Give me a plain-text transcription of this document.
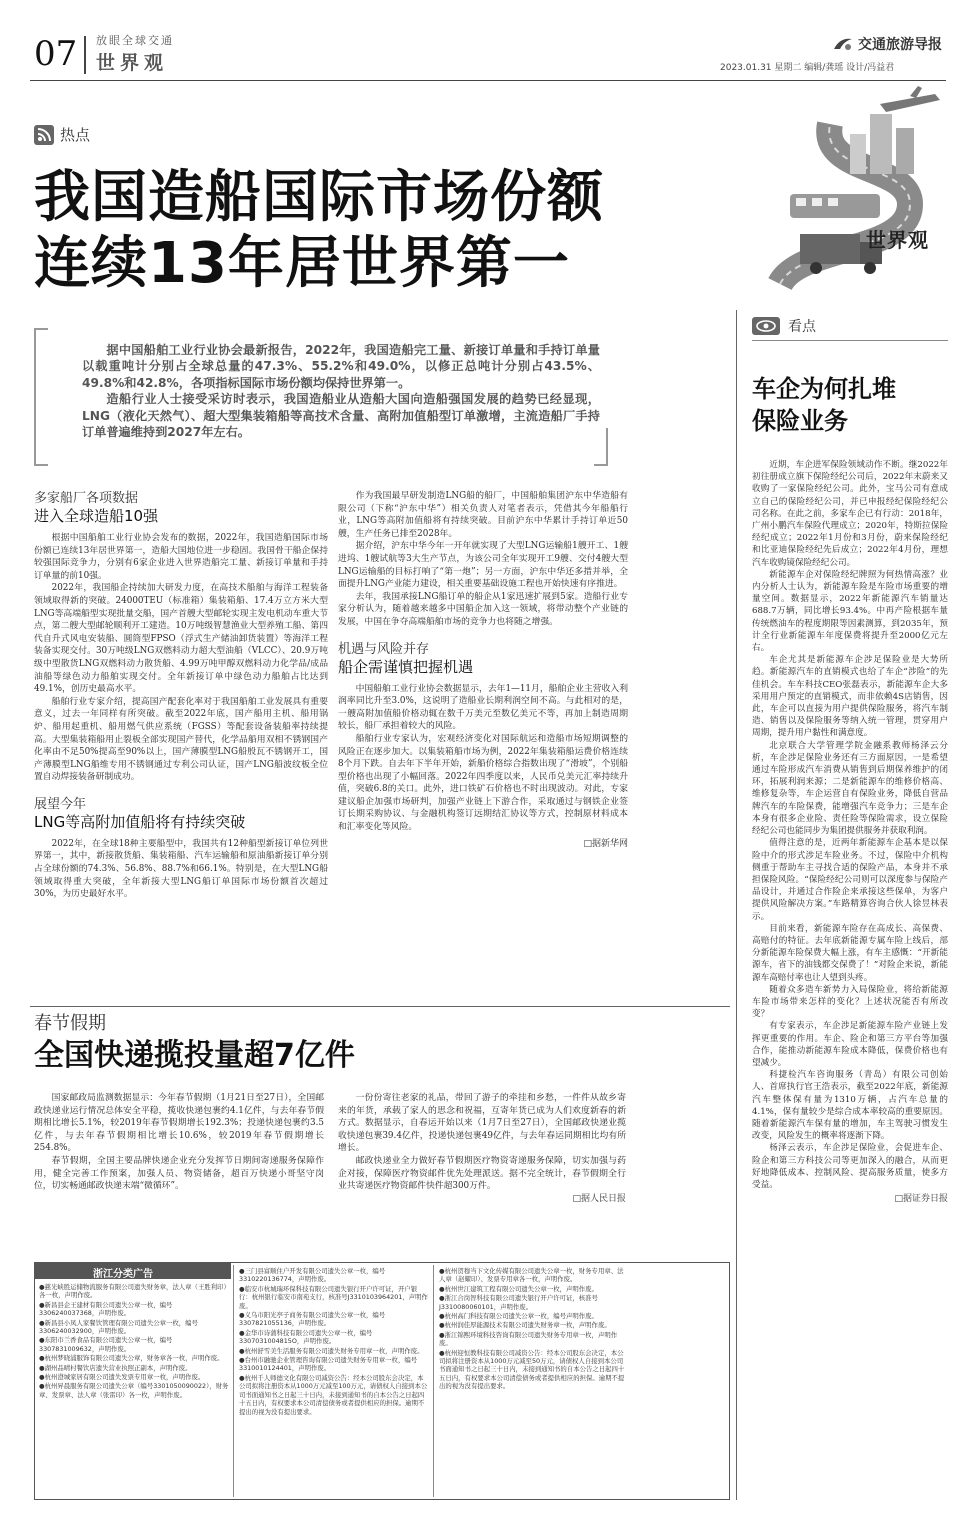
07 放眼全球交通
世界观
交通旅游导报
2023.01.31 星期二 编辑/龚瑶 设计/冯益君
世界观
热点
我国造船国际市场份额
连续13年居世界第一

据中国船舶工业行业协会最新报告，2022年，我国造船完工量、新接订单量和手持订单量以载重吨计分别占全球总量的47.3%、55.2%和49.0%，以修正总吨计分别占43.5%、49.8%和42.8%，各项指标国际市场份额均保持世界第一。

造船行业人士接受采访时表示，我国造船业从造船大国向造船强国发展的趋势已经显现，LNG（液化天然气）、超大型集装箱船等高技术含量、高附加值船型订单激增，主流造船厂手持订单普遍维持到2027年左右。

多家船厂各项数据
进入全球造船10强

根据中国船舶工业行业协会发布的数据，2022年，我国造船国际市场份额已连续13年居世界第一，造船大国地位进一步稳固。我国骨干船企保持较强国际竞争力，分别有6家企业进入世界造船完工量、新接订单量和手持订单量的前10强。

2022年，我国船企持续加大研发力度，在高技术船舶与海洋工程装备领域取得新的突破。24000TEU（标准箱）集装箱船、17.4万立方米大型LNG等高端船型实现批量交船，国产首艘大型邮轮实现主发电机动车重大节点，第二艘大型邮轮顺利开工建造。10万吨级智慧渔业大型养殖工船、第四代自升式风电安装船、圆筒型FPSO（浮式生产储油卸货装置）等海洋工程装备实现交付。30万吨级LNG双燃料动力超大型油船（VLCC）、20.9万吨级中型散货LNG双燃料动力散货船、4.99万吨甲醇双燃料动力化学品/成品油船等绿色动力船舶实现交付。全年新接订单中绿色动力船舶占比达到49.1%，创历史最高水平。

船舶行业专家介绍，提高国产配套化率对于我国船舶工业发展具有重要意义，过去一年同样有所突破。截至2022年底，国产船用主机、船用锅炉、船用起重机、船用燃气供应系统（FGSS）等配套设备装船率持续提高。大型集装箱船用止裂板全部实现国产替代，化学品船用双相不锈钢国产化率由不足50%提高至90%以上，国产薄膜型LNG船殷瓦不锈钢开工，国产薄膜型LNG船维专用不锈钢通过专利公司认证，国产LNG船波纹板全位置自动焊接装备研制成功。

展望今年
LNG等高附加值船将有持续突破

2022年，在全球18种主要船型中，我国共有12种船型新接订单位列世界第一，其中，新接散货船、集装箱船、汽车运输船和原油船新接订单分别占全球份额的74.3%、56.8%、88.7%和66.1%。特别是，在大型LNG船领域取得重大突破，全年新接大型LNG船订单国际市场份额首次超过30%，为历史最好水平。

作为我国最早研发制造LNG船的船厂，中国船舶集团沪东中华造船有限公司（下称“沪东中华”）相关负责人对笔者表示，凭借其今年船船行业，LNG等高附加值船将有持续突破。目前沪东中华累计手持订单近50艘，生产任务已排至2028年。

据介绍，沪东中华今年一开年就实现了大型LNG运输船1艘开工、1艘进坞、1艘试航等3大生产节点，为该公司全年实现开工9艘、交付4艘大型LNG运输船的目标打响了“第一炮”；另一方面，沪东中华还多措并举，全面提升LNG产业能力建设，相关重要基础设施工程也开始快速有序推进。

去年，我国承接LNG船订单的船企从1家迅速扩展到5家。造船行业专家分析认为，随着越来越多中国船企加入这一领域，将带动整个产业链的发展，中国在争夺高端船舶市场的竞争力也将随之增强。

机遇与风险并存
船企需谨慎把握机遇

中国船舶工业行业协会数据显示，去年1—11月，船舶企业主营收入利润率同比升至3.0%，这说明了造船业长期利润空间不高。与此相对的是，一艘高附加值船价格动辄在数千万美元至数亿美元不等，再加上制造周期较长，船厂承担着较大的风险。

船舶行业专家认为，宏观经济变化对国际航运和造船市场短期调整的风险正在逐步加大。以集装箱船市场为例，2022年集装箱船运费价格连续8个月下跌。自去年下半年开始，新船价格综合指数出现了“滑坡”，个别船型价格也出现了小幅回落。2022年四季度以来，人民币兑美元汇率持续升值，突破6.8的关口。此外，进口铁矿石价格也不时出现波动。对此，专家建议船企加强市场研判，加强产业链上下游合作，采取通过与钢铁企业签订长期采购协议、与金融机构签订远期结汇协议等方式，控制原材料成本和汇率变化等风险。

□据新华网
看点
车企为何扎堆
保险业务

近期，车企进军保险领域动作不断。继2022年初往册成立旗下保险经纪公司后，2022年末蔚来又收购了一家保险经纪公司。此外，宝马公司有意成立自己的保险经纪公司，并已申报经纪保险经纪公司名称。在此之前，多家车企已有行动：2018年，广州小鹏汽车保险代理成立；2020年，特斯拉保险经纪成立；2022年1月份和3月份，蔚来保险经纪和比亚迪保险经纪先后成立；2022年4月份，理想汽车收购镜保险经纪公司。

新能源车企对保险经纪牌照为何热情高涨？业内分析人士认为，新能源车险是车险市场重要的增量空间。数据显示，2022年新能源汽车销量达688.7万辆，同比增长93.4%。中再产险根据车量传统燃油车的程度期限等因素测算，到2035年，预计全行业新能源车年度保费将提升至2000亿元左右。

车企尤其是新能源车企涉足保险业是大势所趋。新能源汽车的直销模式也给了车企“涉险”的先佳机会。车车科技CEO张磊表示，新能源车企大多采用用户预定的直销模式，而非依赖4S店销售，因此，车企可以直接为用户提供保险服务，将汽车制造、销售以及保险服务等纳入统一管理，贯穿用户周期，提升用户黏性和满意度。

北京联合大学管理学院金融系教师杨泽云分析，车企涉足保险业务还有三方面原因，一是希望通过车险形成汽车消费从销售到后期保养维护的闭环，拓展利润来源；二是新能源车的维修价格高、维修复杂等，车企运营自有保险业务，降低自营品牌汽车的车险保费，能增强汽车竞争力；三是车企本身有很多企业险、责任险等保险需求，设立保险经纪公司也能同步为集团提供服务并获取利润。

值得注意的是，近两年新能源车企基本是以保险中介的形式涉足车险业务。不过，保险中介机构侧重于帮助车主寻找合适的保险产品，本身并不承担保险风险。“保险经纪公司则可以深度参与保险产品设计，并通过合作险企来承接这些保单，为客户提供风险解决方案。”车路精算咨询合伙人徐昱林表示。

目前来看，新能源车险存在高成长、高保费、高赔付的特征。去年底新能源专属车险上线后，部分新能源车险保费大幅上涨，有车主感慨：“开新能源车，省下的油钱都交保费了！”对险企来说，新能源车高赔付率也让人望到头疼。

随着众多造车新势力入局保险业，将给新能源车险市场带来怎样的变化？上述状况能否有所改变？

有专家表示，车企涉足新能源车险产业链上发挥更重要的作用。车企、险企和第三方平台等加强合作，能推动新能源车险成本降低，保费价格也有望减少。

科捷检汽车咨询服务（青岛）有限公司创始人、首席执行官王浩表示，截至2022年底，新能源汽车整体保有量为1310万辆，占汽车总量的4.1%，保有量较少是综合成本率较高的重要原因。随着新能源汽车保有量的增加，车主驾驶习惯发生改变，风险发生的概率将逐渐下降。

杨泽云表示，车企涉足保险业，会促进车企、险企和第三方科技公司等更加深入的融合，从而更好地降低成本、控制风险、提高服务质量，使多方受益。

□据证券日报
春节假期
全国快递揽投量超7亿件

国家邮政局监测数据显示：今年春节假期（1月21日至27日），全国邮政快递业运行情况总体安全平稳，揽收快递包裹约4.1亿件，与去年春节假期相比增长5.1%，较2019年春节假期增长192.3%；投递快递包裹约3.5亿件，与去年春节假期相比增长10.6%，较2019年春节假期增长254.8%。

春节假期，全国主要品牌快递企业充分发挥节日期间寄递服务保障作用，健全完善工作预案，加强人员、物资储备，超百万快递小哥坚守岗位，切实畅通邮政快递末端“微循环”。

一份份寄往老家的礼品，带回了游子的牵挂和乡愁，一件件从故乡寄来的年货，承载了家人的思念和祝福，互寄年货已成为人们欢度新春的新方式。数据显示，自春运开始以来（1月7日至27日），全国邮政快递业揽收快递包裹39.4亿件，投递快递包裹49亿件，与去年春运同期相比均有所增长。

邮政快递业全力做好春节假期医疗物资寄递服务保障，切实加强与药企对接，保障医疗物资邮件优先处理派送。据不完全统计，春节假期全行业共寄递医疗物资邮件快件超300万件。

□据人民日报
浙江分类广告
●慈光峡胜运储物流服务有限公司遗失财务章，法人章（王胜利印）各一枚，声明作废。
●新昌县企王建材有限公司遗失公章一枚，编号3306240037368，声明作废。
●新昌县小凤人家餐饮管理有限公司遗失公章一枚，编号3306240032900，声明作废。
●东阳市兰香食品有限公司遗失公章一枚，编号3307831009632，声明作废。
●杭州梦晓浦服饰有限公司遗失公章，财务章各一枚，声明作废。
●湖州品晴村餐饮店遗失营业执照正副本，声明作废。
●杭州澄城家居有限公司遗失发票专用章一枚，声明作废。
●杭州昇晨服务有限公司遗失公章（编号3301050090022），财务章、发票章、法人章（张雷印）各一枚，声明作废。
●三门县富顺住户开发有限公司遗失公章一枚，编号3310220136774，声明作废。
●临安市杭城瑞环保科技有限公司遗失银行开户许可证，开户银行：杭州银行临安市南苑支行，核准号J3310103964201，声明作废。
●义乌市阳光亭子商务有限公司遗失公章一枚，编号3307821055136，声明作废。
●金华市诗蒲科技有限公司遗失公章一枚，编号3307031004815O，声明作废。
●杭州舒雪美生活服务有限公司遗失财务专用章一枚，声明作废。
●台州市融驰企业管理咨询有限公司遗失财务专用章一枚，编号3310010124401，声明作废。
●杭州千人师德文化有限公司减资公告：经本公司股东会决定，本公司拟将注册资本从1000万元减至100万元，请债权人自接到本公司书面通知书之日起三十日内，未接到通知书的自本公告之日起四十五日内，有权要求本公司清偿债务或者提供相应的担保。逾期不提出的视为没有提出要求。
●杭州贺穆当下文化传媒有限公司遗失公章一枚，财务专用章、法人章（赵耀印）、发票专用章各一枚，声明作废。
●杭州世江建筑工程有限公司遗失公章一枚，声明作废。
●浙江合岗智科技有限公司遗失银行开户许可证，核准号J3310080060101，声明作废。
●杭州高门科技有限公司遗失公章一枚，编号声明作废。
●杭州润佳厚能源技术有限公司遗失财务章一枚，声明作废。
●浙江锦熙环境科技咨询有限公司遗失财务专用章一枚，声明作废。
●杭州迎恒教科技有限公司减资公告：经本公司股东会决定，本公司拟将注册资本从1000万元减至50万元，请债权人自接到本公司书面通知书之日起三十日内，未接到通知书的自本公告之日起四十五日内，有权要求本公司清偿债务或者提供相应的担保。逾期不提出的视为没有提出要求。
